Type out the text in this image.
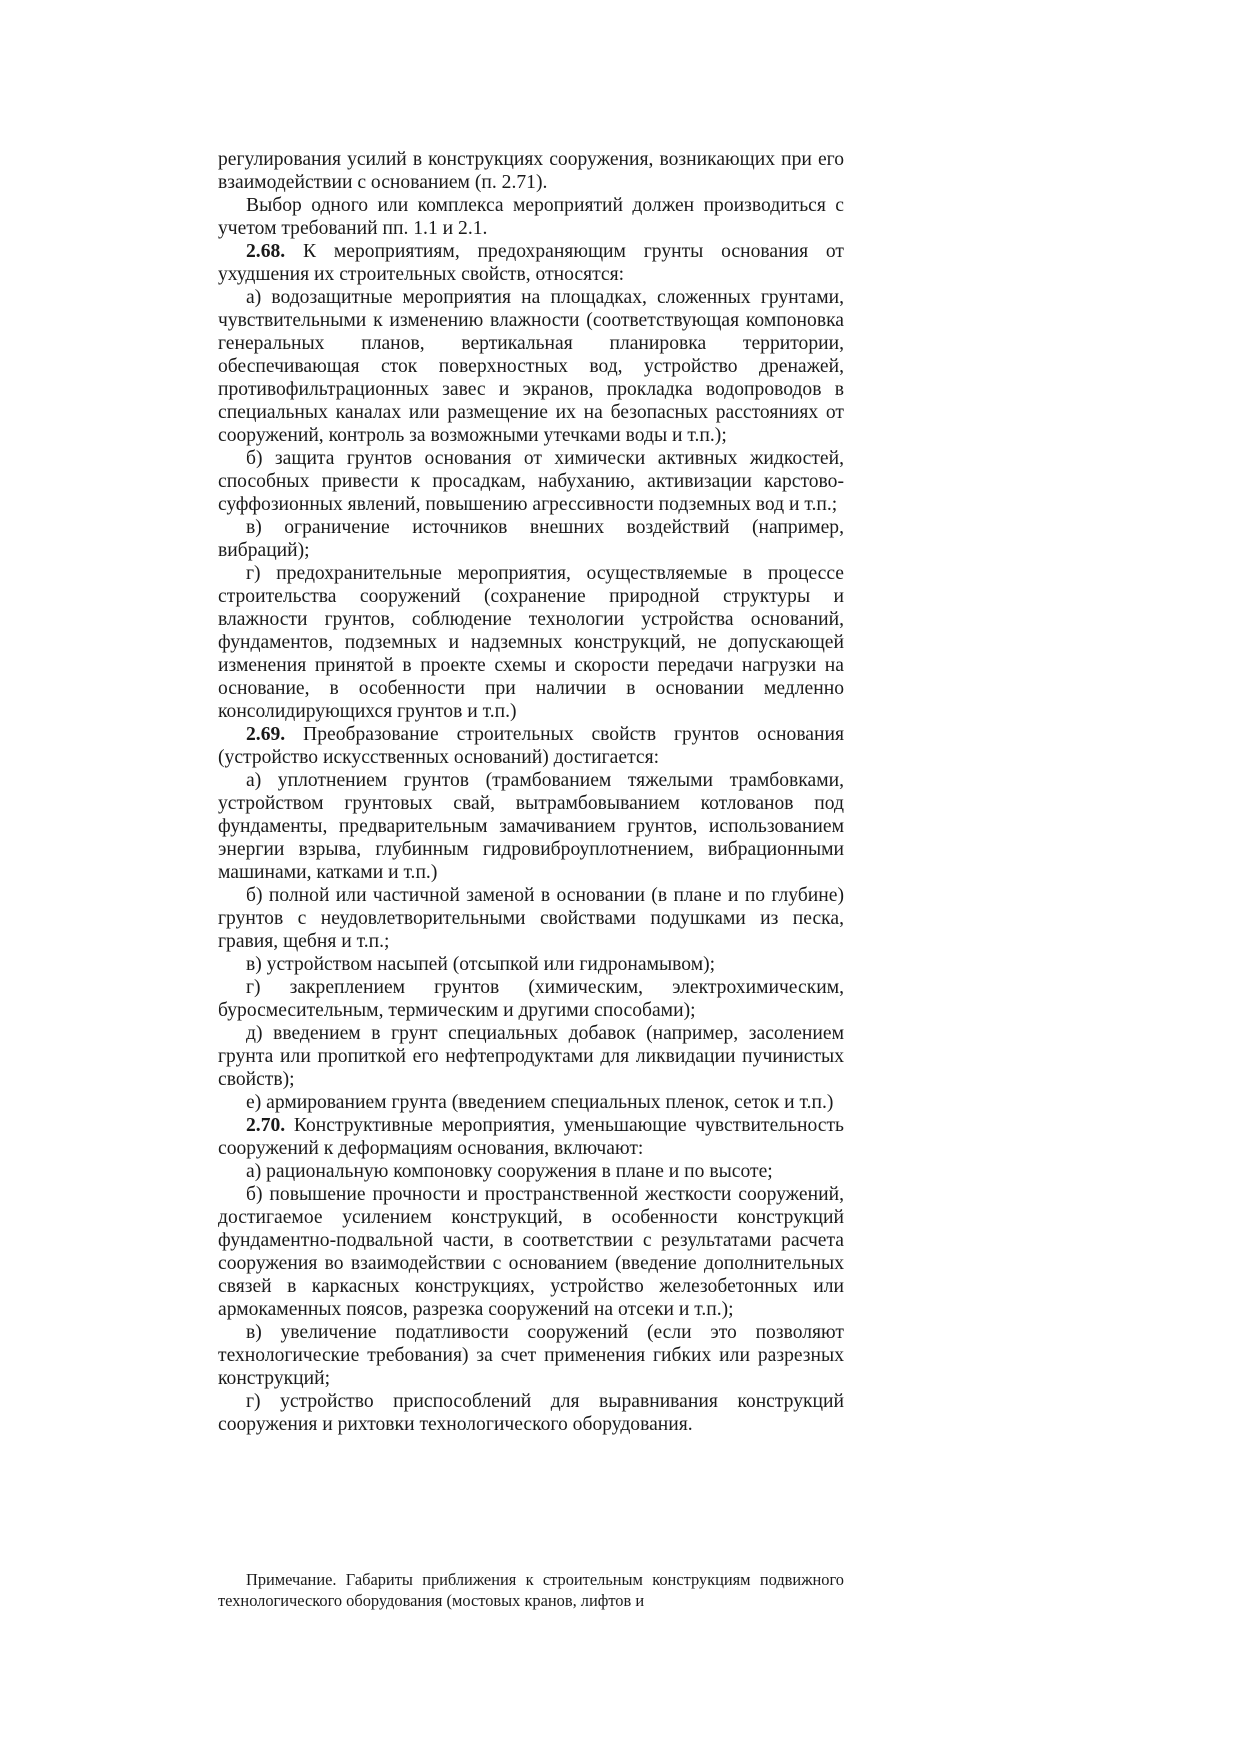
регулирования усилий в конструкциях сооружения, возникающих при его взаимодействии с основанием (п. 2.71).

Выбор одного или комплекса мероприятий должен производиться с учетом требований пп. 1.1 и 2.1.

2.68. К мероприятиям, предохраняющим грунты основания от ухудшения их строительных свойств, относятся:

а) водозащитные мероприятия на площадках, сложенных грунтами, чувствительными к изменению влажности (соответствующая компоновка генеральных планов, вертикальная планировка территории, обеспечивающая сток поверхностных вод, устройство дренажей, противофильтрационных завес и экранов, прокладка водопроводов в специальных каналах или размещение их на безопасных расстояниях от сооружений, контроль за возможными утечками воды и т.п.);

б) защита грунтов основания от химически активных жидкостей, способных привести к просадкам, набуханию, активизации карстово-суффозионных явлений, повышению агрессивности подземных вод и т.п.;

в) ограничение источников внешних воздействий (например, вибраций);

г) предохранительные мероприятия, осуществляемые в процессе строительства сооружений (сохранение природной структуры и влажности грунтов, соблюдение технологии устройства оснований, фундаментов, подземных и надземных конструкций, не допускающей изменения принятой в проекте схемы и скорости передачи нагрузки на основание, в особенности при наличии в основании медленно консолидирующихся грунтов и т.п.)

2.69. Преобразование строительных свойств грунтов основания (устройство искусственных оснований) достигается:

а) уплотнением грунтов (трамбованием тяжелыми трамбовками, устройством грунтовых свай, вытрамбовыванием котлованов под фундаменты, предварительным замачиванием грунтов, использованием энергии взрыва, глубинным гидровиброуплотнением, вибрационными машинами, катками и т.п.)

б) полной или частичной заменой в основании (в плане и по глубине) грунтов с неудовлетворительными свойствами подушками из песка, гравия, щебня и т.п.;

в) устройством насыпей (отсыпкой или гидронамывом);

г) закреплением грунтов (химическим, электрохимическим, буросмесительным, термическим и другими способами);

д) введением в грунт специальных добавок (например, засолением грунта или пропиткой его нефтепродуктами для ликвидации пучинистых свойств);

е) армированием грунта (введением специальных пленок, сеток и т.п.)

2.70. Конструктивные мероприятия, уменьшающие чувствительность сооружений к деформациям основания, включают:

а) рациональную компоновку сооружения в плане и по высоте;

б) повышение прочности и пространственной жесткости сооружений, достигаемое усилением конструкций, в особенности конструкций фундаментно-подвальной части, в соответствии с результатами расчета сооружения во взаимодействии с основанием (введение дополнительных связей в каркасных конструкциях, устройство железобетонных или армокаменных поясов, разрезка сооружений на отсеки и т.п.);

в) увеличение податливости сооружений (если это позволяют технологические требования) за счет применения гибких или разрезных конструкций;

г) устройство приспособлений для выравнивания конструкций сооружения и рихтовки технологического оборудования.

Примечание. Габариты приближения к строительным конструкциям подвижного технологического оборудования (мостовых кранов, лифтов и
